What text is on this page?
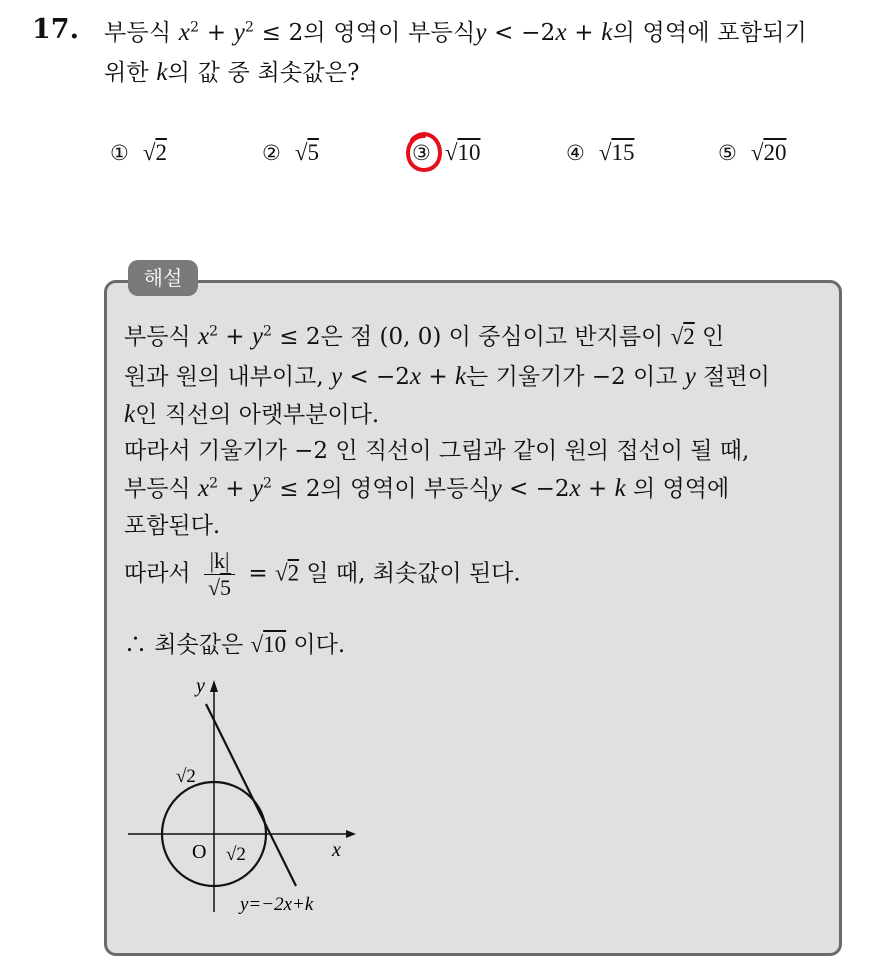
17. 부등식 $x^2 + y^2 \le 2$의 영역이 부등식y < −2x + k의 영역에 포함되기
위한 k의 값 중 최솟값은?
① √2	② √5	③ √10	④ √15	⑤ √20
해설
부등식 $x^2 + y^2 \le 2$은 점 (0, 0) 이 중심이고 반지름이 √2 인
원과 원의 내부이고, y < −2x + k는 기울기가 −2 이고 y 절편이
k인 직선의 아랫부분이다.
따라서 기울기가 −2 인 직선이 그림과 같이 원의 접선이 될 때,
부등식 $x^2 + y^2 \le 2$의 영역이 부등식y < −2x + k 의 영역에
포함된다.
따라서 $\frac{|k|}{√5} = √2$ 일 때, 최솟값이 된다.
∴ 최솟값은 √10 이다.
y
x
O
√2
√2
y=−2x+k
